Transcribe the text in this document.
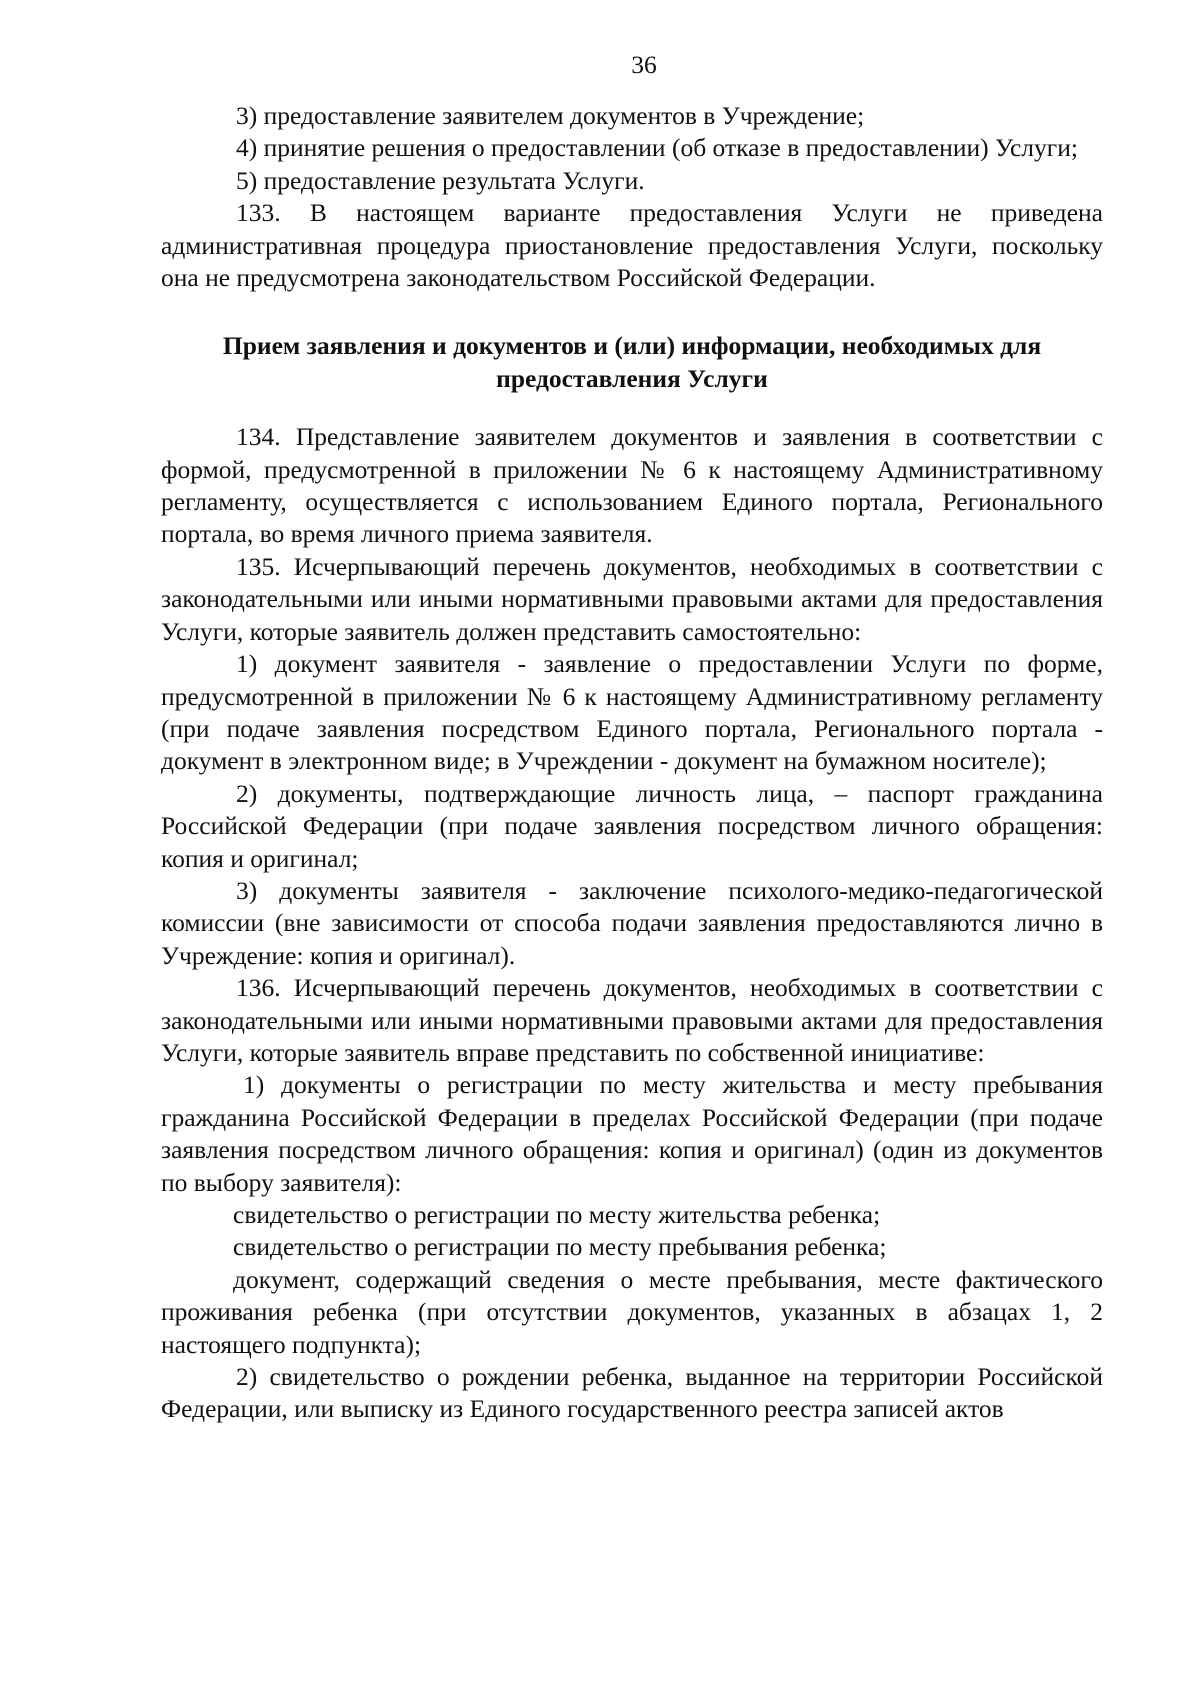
36

3) предоставление заявителем документов в Учреждение;

4) принятие решения о предоставлении (об отказе в предоставлении) Услуги;

5) предоставление результата Услуги.

133. В настоящем варианте предоставления Услуги не приведена административная процедура приостановление предоставления Услуги, поскольку она не предусмотрена законодательством Российской Федерации.

Прием заявления и документов и (или) информации, необходимых для
предоставления Услуги

134. Представление заявителем документов и заявления в соответствии с формой, предусмотренной в приложении № 6 к настоящему Административному регламенту, осуществляется с использованием Единого портала, Регионального портала, во время личного приема заявителя.

135. Исчерпывающий перечень документов, необходимых в соответствии с законодательными или иными нормативными правовыми актами для предоставления Услуги, которые заявитель должен представить самостоятельно:

1) документ заявителя - заявление о предоставлении Услуги по форме, предусмотренной в приложении № 6 к настоящему Административному регламенту (при подаче заявления посредством Единого портала, Регионального портала - документ в электронном виде; в Учреждении - документ на бумажном носителе);

2) документы, подтверждающие личность лица, – паспорт гражданина Российской Федерации (при подаче заявления посредством личного обращения: копия и оригинал;

3) документы заявителя - заключение психолого-медико-педагогической комиссии (вне зависимости от способа подачи заявления предоставляются лично в Учреждение: копия и оригинал).

136. Исчерпывающий перечень документов, необходимых в соответствии с законодательными или иными нормативными правовыми актами для предоставления Услуги, которые заявитель вправе представить по собственной инициативе:

1) документы о регистрации по месту жительства и месту пребывания гражданина Российской Федерации в пределах Российской Федерации (при подаче заявления посредством личного обращения: копия и оригинал) (один из документов по выбору заявителя):

свидетельство о регистрации по месту жительства ребенка;

свидетельство о регистрации по месту пребывания ребенка;

документ, содержащий сведения о месте пребывания, месте фактического проживания ребенка (при отсутствии документов, указанных в абзацах 1, 2 настоящего подпункта);

2) свидетельство о рождении ребенка, выданное на территории Российской Федерации, или выписку из Единого государственного реестра записей актов
